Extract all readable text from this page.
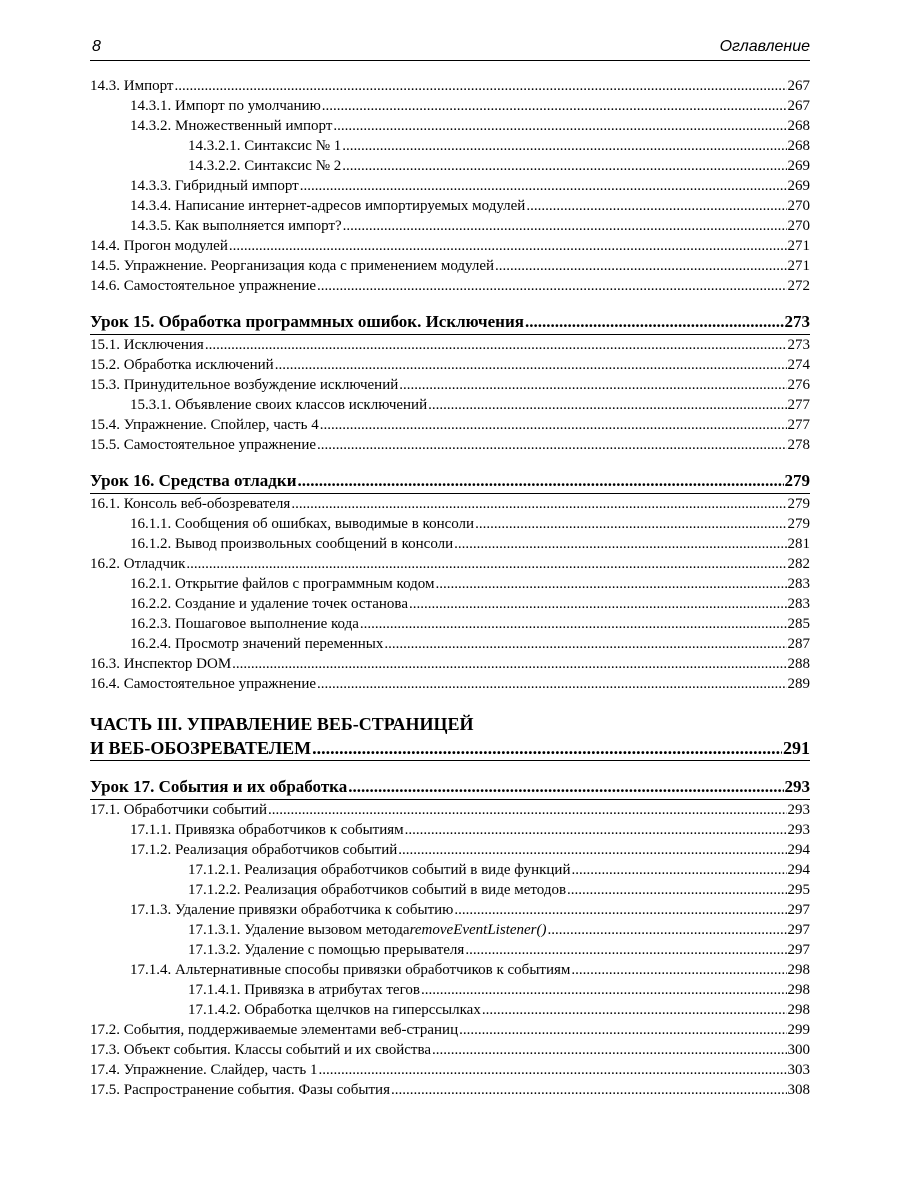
8	Оглавление
14.3. Импорт .....	267
14.3.1. Импорт по умолчанию .....	267
14.3.2. Множественный импорт .....	268
14.3.2.1. Синтаксис № 1 .....	268
14.3.2.2. Синтаксис № 2 .....	269
14.3.3. Гибридный импорт .....	269
14.3.4. Написание интернет-адресов импортируемых модулей .....	270
14.3.5. Как выполняется импорт? .....	270
14.4. Прогон модулей .....	271
14.5. Упражнение. Реорганизация кода с применением модулей .....	271
14.6. Самостоятельное упражнение .....	272
Урок 15. Обработка программных ошибок. Исключения .....	273
15.1. Исключения .....	273
15.2. Обработка исключений .....	274
15.3. Принудительное возбуждение исключений .....	276
15.3.1. Объявление своих классов исключений .....	277
15.4. Упражнение. Спойлер, часть 4 .....	277
15.5. Самостоятельное упражнение .....	278
Урок 16. Средства отладки .....	279
16.1. Консоль веб-обозревателя .....	279
16.1.1. Сообщения об ошибках, выводимые в консоли .....	279
16.1.2. Вывод произвольных сообщений в консоли .....	281
16.2. Отладчик .....	282
16.2.1. Открытие файлов с программным кодом .....	283
16.2.2. Создание и удаление точек останова .....	283
16.2.3. Пошаговое выполнение кода .....	285
16.2.4. Просмотр значений переменных .....	287
16.3. Инспектор DOM .....	288
16.4. Самостоятельное упражнение .....	289
ЧАСТЬ III. УПРАВЛЕНИЕ ВЕБ-СТРАНИЦЕЙ
И ВЕБ-ОБОЗРЕВАТЕЛЕМ .....	291
Урок 17. События и их обработка .....	293
17.1. Обработчики событий .....	293
17.1.1. Привязка обработчиков к событиям .....	293
17.1.2. Реализация обработчиков событий .....	294
17.1.2.1. Реализация обработчиков событий в виде функций .....	294
17.1.2.2. Реализация обработчиков событий в виде методов .....	295
17.1.3. Удаление привязки обработчика к событию .....	297
17.1.3.1. Удаление вызовом метода removeEventListener() .....	297
17.1.3.2. Удаление с помощью прерывателя .....	297
17.1.4. Альтернативные способы привязки обработчиков к событиям .....	298
17.1.4.1. Привязка в атрибутах тегов .....	298
17.1.4.2. Обработка щелчков на гиперссылках .....	298
17.2. События, поддерживаемые элементами веб-страниц .....	299
17.3. Объект события. Классы событий и их свойства .....	300
17.4. Упражнение. Слайдер, часть 1 .....	303
17.5. Распространение события. Фазы события .....	308
